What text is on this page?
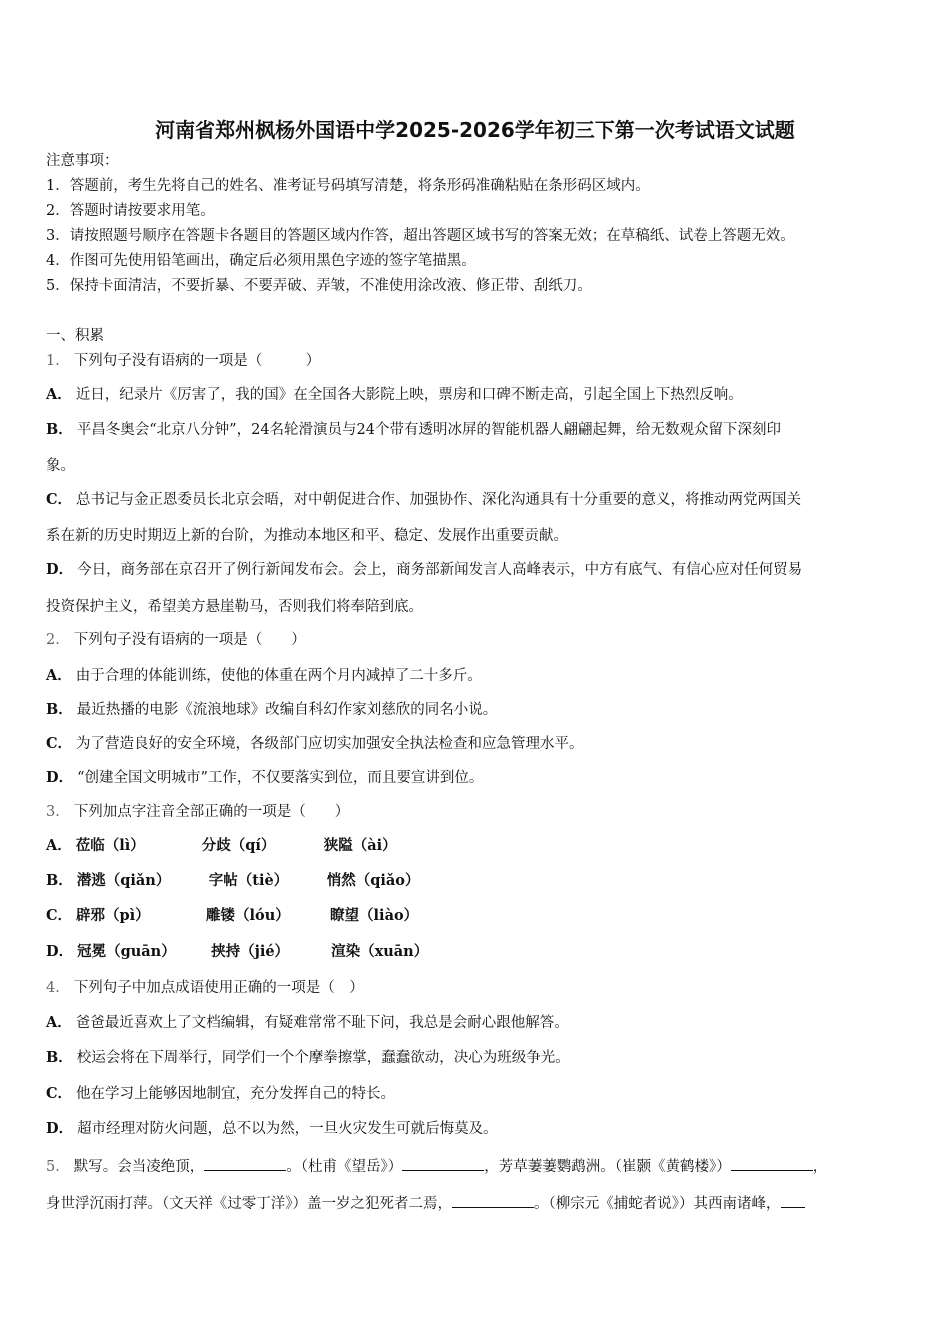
河南省郑州枫杨外国语中学2025-2026学年初三下第一次考试语文试题
注意事项：
1．答题前，考生先将自己的姓名、准考证号码填写清楚，将条形码准确粘贴在条形码区域内。
2．答题时请按要求用笔。
3．请按照题号顺序在答题卡各题目的答题区域内作答，超出答题区域书写的答案无效；在草稿纸、试卷上答题无效。
4．作图可先使用铅笔画出，确定后必须用黑色字迹的签字笔描黑。
5．保持卡面清洁，不要折暴、不要弄破、弄皱，不准使用涂改液、修正带、刮纸刀。
一、积累
1． 下列句子没有语病的一项是（　　　）
A． 近日，纪录片《厉害了，我的国》在全国各大影院上映，票房和口碑不断走高，引起全国上下热烈反响。
B． 平昌冬奥会“北京八分钟”，24名轮滑演员与24个带有透明冰屏的智能机器人翩翩起舞，给无数观众留下深刻印
象。
C． 总书记与金正恩委员长北京会晤，对中朝促进合作、加强协作、深化沟通具有十分重要的意义，将推动两党两国关
系在新的历史时期迈上新的台阶，为推动本地区和平、稳定、发展作出重要贡献。
D． 今日，商务部在京召开了例行新闻发布会。会上，商务部新闻发言人高峰表示，中方有底气、有信心应对任何贸易
投资保护主义，希望美方悬崖勒马，否则我们将奉陪到底。
2． 下列句子没有语病的一项是（　　）
A． 由于合理的体能训练，使他的体重在两个月内减掉了二十多斤。
B． 最近热播的电影《流浪地球》改编自科幻作家刘慈欣的同名小说。
C． 为了营造良好的安全环境，各级部门应切实加强安全执法检查和应急管理水平。
D． “创建全国文明城市”工作，不仅要落实到位，而且要宣讲到位。
3． 下列加点字注音全部正确的一项是（　　）
A． 莅临（lì）	分歧（qí）	狭隘（ài）
B． 潜逃（qiǎn）	字帖（tiè）	悄然（qiǎo）
C． 辟邪（pì）	雕镂（lóu）	瞭望（liào）
D． 冠冕（guān） 挟持（jié）	渲染（xuān）
4． 下列句子中加点成语使用正确的一项是（　）
A． 爸爸最近喜欢上了文档编辑，有疑难常常不耻下问，我总是会耐心跟他解答。
B． 校运会将在下周举行，同学们一个个摩拳擦掌，蠢蠢欲动，决心为班级争光。
C． 他在学习上能够因地制宜，充分发挥自己的特长。
D． 超市经理对防火问题，总不以为然，一旦火灾发生可就后悔莫及。
5． 默写。会当凌绝顶，	。（杜甫《望岳》）	，芳草萋萋鹦鹉洲。（崔颢《黄鹤楼》）	，
身世浮沉雨打萍。（文天祥《过零丁洋》）盖一岁之犯死者二焉，	。（柳宗元《捕蛇者说》）其西南诸峰，
